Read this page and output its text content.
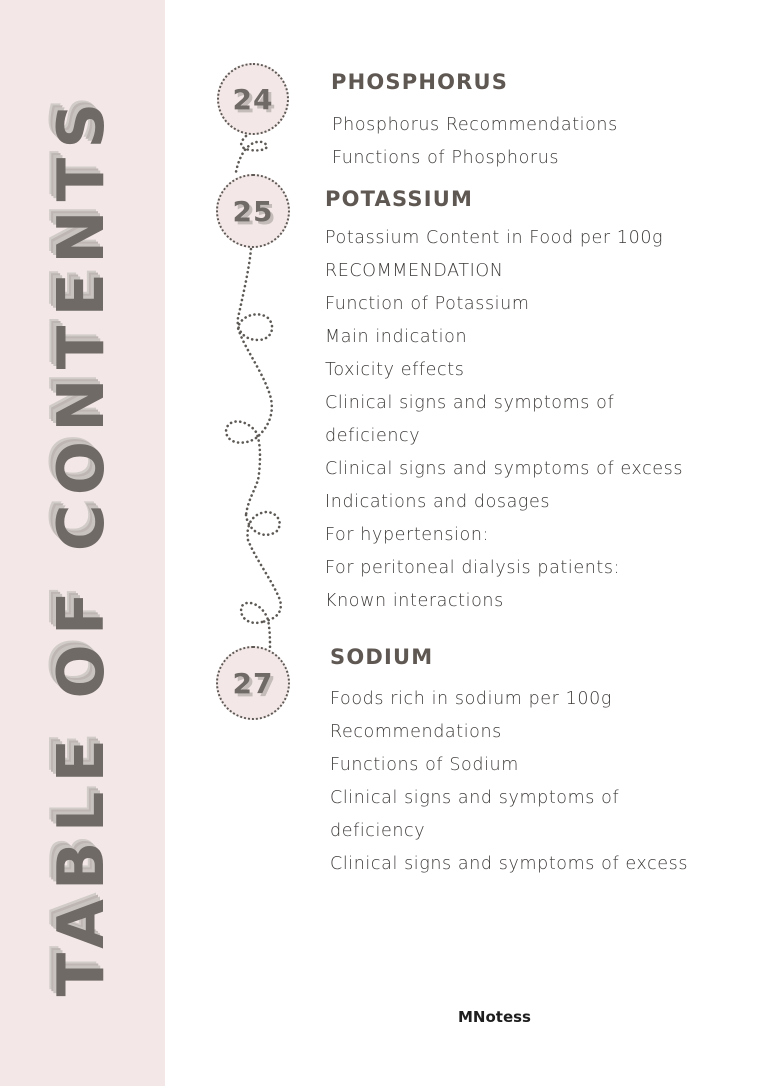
TABLE OF CONTENTS	24
25
27
PHOSPHORUS
Phosphorus Recommendations
Functions of Phosphorus
POTASSIUM
Potassium Content in Food per 100g
RECOMMENDATION
Function of Potassium
Main indication
Toxicity effects
Clinical signs and symptoms of
deficiency
Clinical signs and symptoms of excess
Indications and dosages
For hypertension:
For peritoneal dialysis patients:
Known interactions
SODIUM
Foods rich in sodium per 100g
Recommendations
Functions of Sodium
Clinical signs and symptoms of
deficiency
Clinical signs and symptoms of excess
MNotess
